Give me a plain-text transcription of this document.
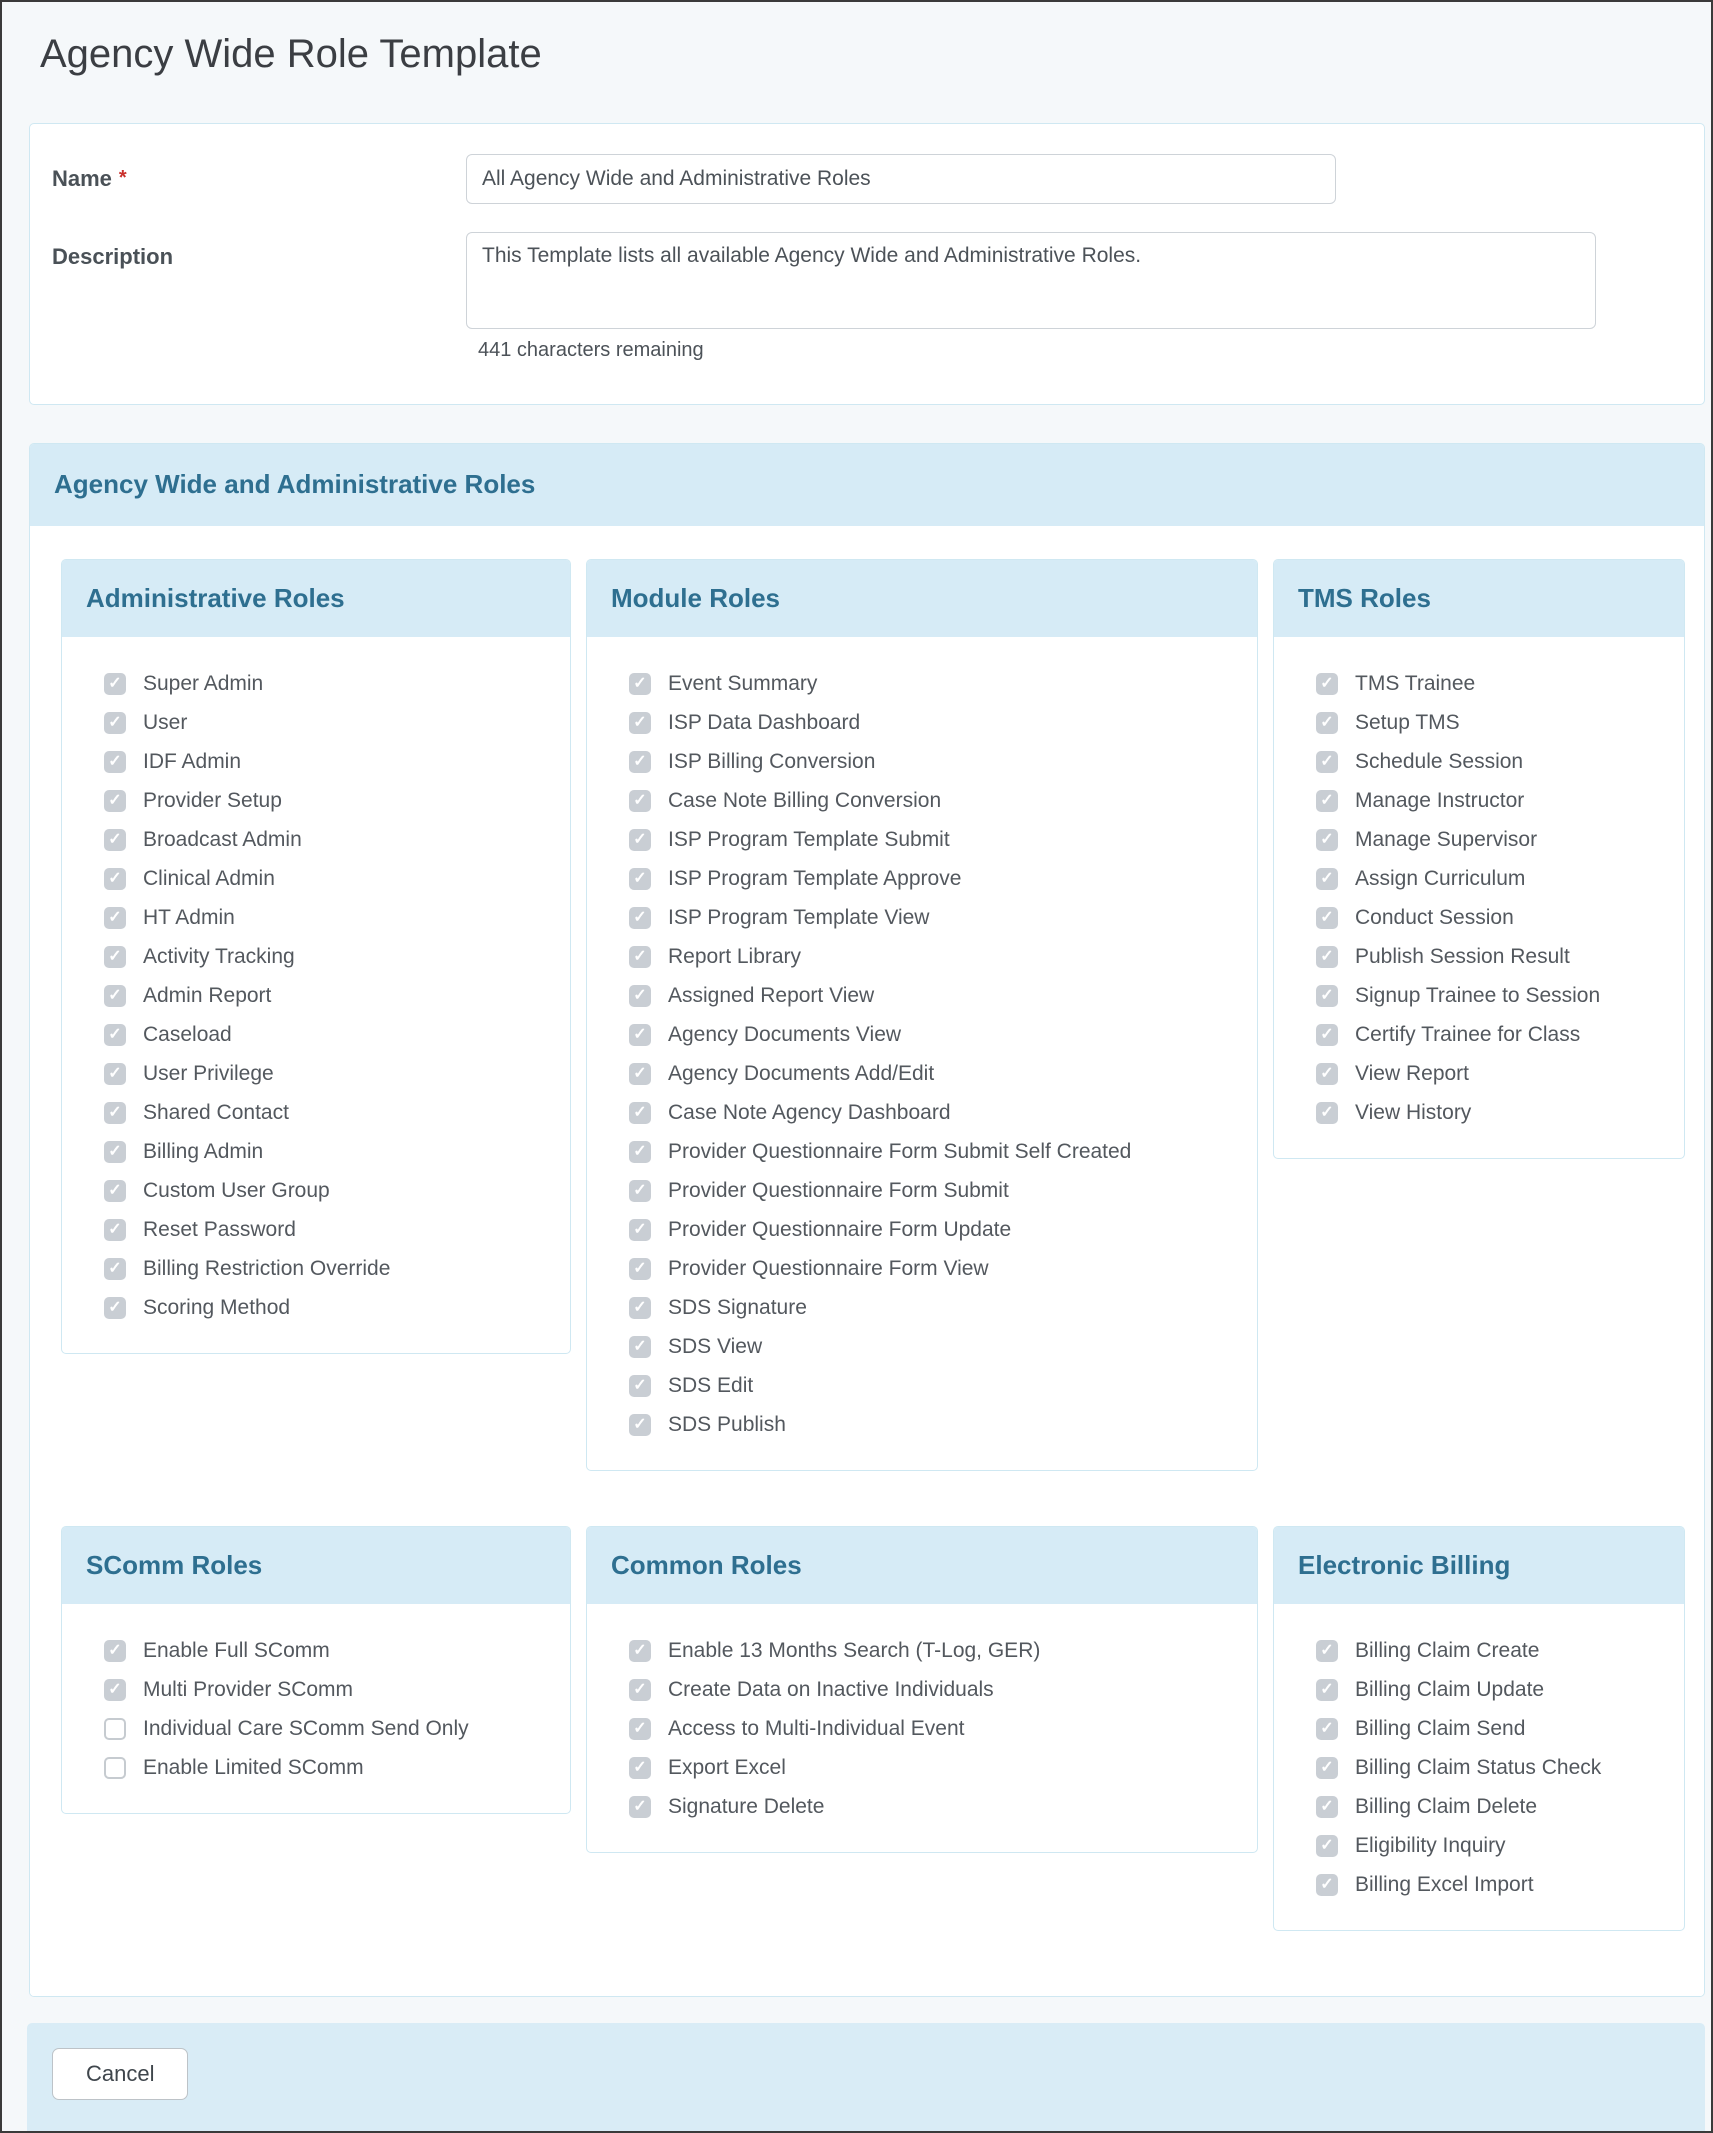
Agency Wide Role Template
Name *
All Agency Wide and Administrative Roles
Description
This Template lists all available Agency Wide and Administrative Roles.
441 characters remaining
Agency Wide and Administrative Roles
Administrative Roles
✓ Super Admin
✓ User
✓ IDF Admin
✓ Provider Setup
✓ Broadcast Admin
✓ Clinical Admin
✓ HT Admin
✓ Activity Tracking
✓ Admin Report
✓ Caseload
✓ User Privilege
✓ Shared Contact
✓ Billing Admin
✓ Custom User Group
✓ Reset Password
✓ Billing Restriction Override
✓ Scoring Method
Module Roles
✓ Event Summary
✓ ISP Data Dashboard
✓ ISP Billing Conversion
✓ Case Note Billing Conversion
✓ ISP Program Template Submit
✓ ISP Program Template Approve
✓ ISP Program Template View
✓ Report Library
✓ Assigned Report View
✓ Agency Documents View
✓ Agency Documents Add/Edit
✓ Case Note Agency Dashboard
✓ Provider Questionnaire Form Submit Self Created
✓ Provider Questionnaire Form Submit
✓ Provider Questionnaire Form Update
✓ Provider Questionnaire Form View
✓ SDS Signature
✓ SDS View
✓ SDS Edit
✓ SDS Publish
TMS Roles
✓ TMS Trainee
✓ Setup TMS
✓ Schedule Session
✓ Manage Instructor
✓ Manage Supervisor
✓ Assign Curriculum
✓ Conduct Session
✓ Publish Session Result
✓ Signup Trainee to Session
✓ Certify Trainee for Class
✓ View Report
✓ View History
SComm Roles
✓ Enable Full SComm
✓ Multi Provider SComm
Individual Care SComm Send Only
Enable Limited SComm
Common Roles
✓ Enable 13 Months Search (T-Log, GER)
✓ Create Data on Inactive Individuals
✓ Access to Multi-Individual Event
✓ Export Excel
✓ Signature Delete
Electronic Billing
✓ Billing Claim Create
✓ Billing Claim Update
✓ Billing Claim Send
✓ Billing Claim Status Check
✓ Billing Claim Delete
✓ Eligibility Inquiry
✓ Billing Excel Import
Cancel
